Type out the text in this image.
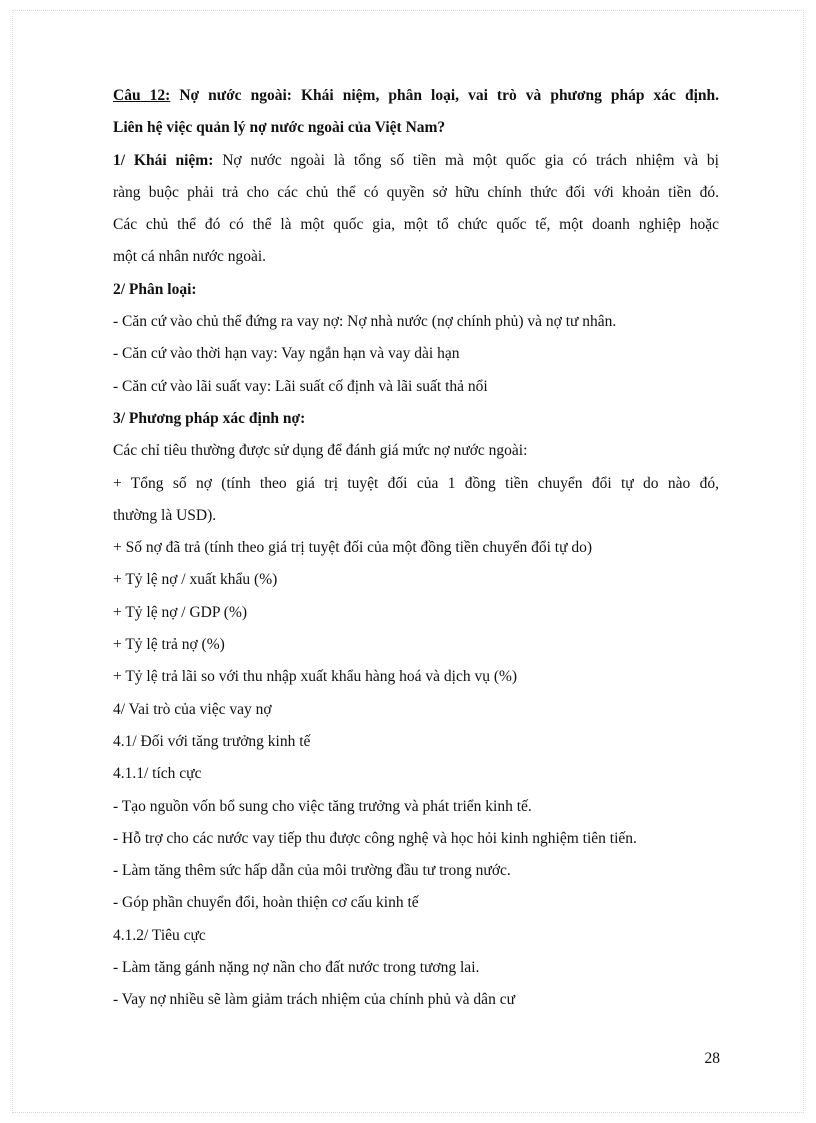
Câu 12: Nợ nước ngoài: Khái niệm, phân loại, vai trò và phương pháp xác định.
Liên hệ việc quản lý nợ nước ngoài của Việt Nam?
1/ Khái niệm: Nợ nước ngoài là tổng số tiền mà một quốc gia có trách nhiệm và bị
ràng buộc phải trả cho các chủ thể có quyền sở hữu chính thức đối với khoản tiền đó.
Các chủ thể đó có thể là một quốc gia, một tổ chức quốc tế, một doanh nghiệp hoặc
một cá nhân nước ngoài.
2/ Phân loại:
- Căn cứ vào chủ thể đứng ra vay nợ: Nợ nhà nước (nợ chính phủ) và nợ tư nhân.
- Căn cứ vào thời hạn vay: Vay ngắn hạn và vay dài hạn
- Căn cứ vào lãi suất vay: Lãi suất cố định và lãi suất thả nổi
3/ Phương pháp xác định nợ:
Các chỉ tiêu thường được sử dụng để đánh giá mức nợ nước ngoài:
+ Tổng số nợ (tính theo giá trị tuyệt đối của 1 đồng tiền chuyển đổi tự do nào đó,
thường là USD).
+ Số nợ đã trả (tính theo giá trị tuyệt đối của một đồng tiền chuyển đổi tự do)
+ Tỷ lệ nợ / xuất khẩu (%)
+ Tỷ lệ nợ / GDP (%)
+ Tỷ lệ trả nợ (%)
+ Tỷ lệ trả lãi so với thu nhập xuất khẩu hàng hoá và dịch vụ (%)
4/ Vai trò của việc vay nợ
4.1/ Đối với tăng trưởng kinh tế
4.1.1/ tích cực
- Tạo nguồn vốn bổ sung cho việc tăng trưởng và phát triển kinh tế.
- Hỗ trợ cho các nước vay tiếp thu được công nghệ và học hỏi kinh nghiệm tiên tiến.
- Làm tăng thêm sức hấp dẫn của môi trường đầu tư trong nước.
- Góp phần chuyển đổi, hoàn thiện cơ cấu kinh tế
4.1.2/ Tiêu cực
- Làm tăng gánh nặng nợ nần cho đất nước trong tương lai.
- Vay nợ nhiều sẽ làm giảm trách nhiệm của chính phủ và dân cư
28
